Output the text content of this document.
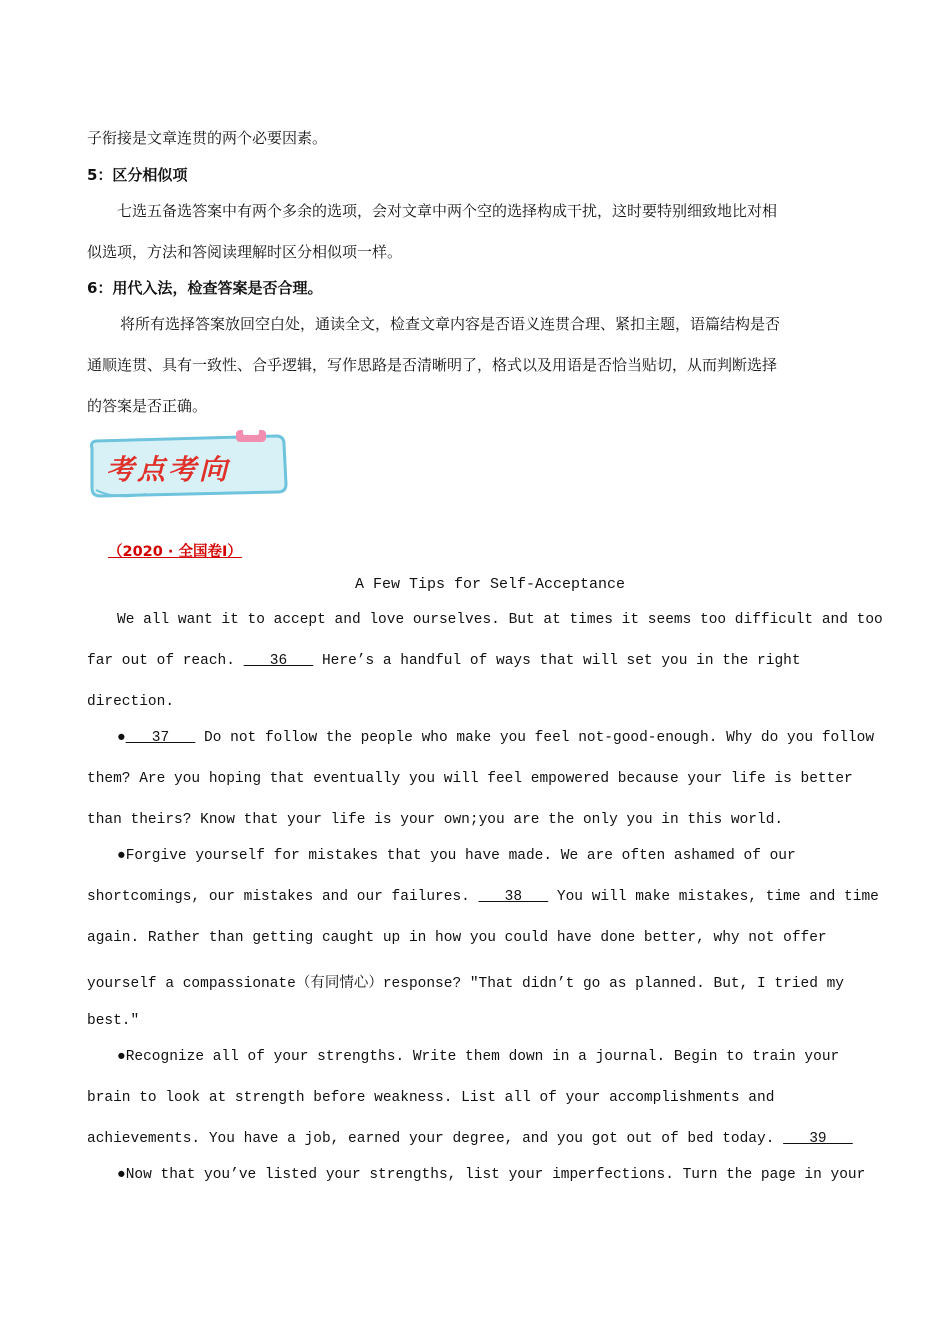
子衔接是文章连贯的两个必要因素。
5：区分相似项
七选五备选答案中有两个多余的选项，会对文章中两个空的选择构成干扰，这时要特别细致地比对相
似选项，方法和答阅读理解时区分相似项一样。
6：用代入法，检查答案是否合理。
将所有选择答案放回空白处，通读全文，检查文章内容是否语义连贯合理、紧扣主题，语篇结构是否
通顺连贯、具有一致性、合乎逻辑，写作思路是否清晰明了，格式以及用语是否恰当贴切，从而判断选择
的答案是否正确。
考点考向
（2020 · 全国卷Ⅰ）
A Few Tips for Self-Acceptance
We all want it to accept and love ourselves. But at times it seems too difficult and too
far out of reach.    36    Here’s a handful of ways that will set you in the right
direction.
●   37    Do not follow the people who make you feel not-good-enough. Why do you follow
them? Are you hoping that eventually you will feel empowered because your life is better
than theirs? Know that your life is your own;you are the only you in this world.
●Forgive yourself for mistakes that you have made. We are often ashamed of our
shortcomings, our mistakes and our failures.    38    You will make mistakes, time and time
again. Rather than getting caught up in how you could have done better, why not offer
yourself a compassionate（有同情心）response? "That didn’t go as planned. But, I tried my
best."
●Recognize all of your strengths. Write them down in a journal. Begin to train your
brain to look at strength before weakness. List all of your accomplishments and
achievements. You have a job, earned your degree, and you got out of bed today.    39
●Now that you’ve listed your strengths, list your imperfections. Turn the page in your
